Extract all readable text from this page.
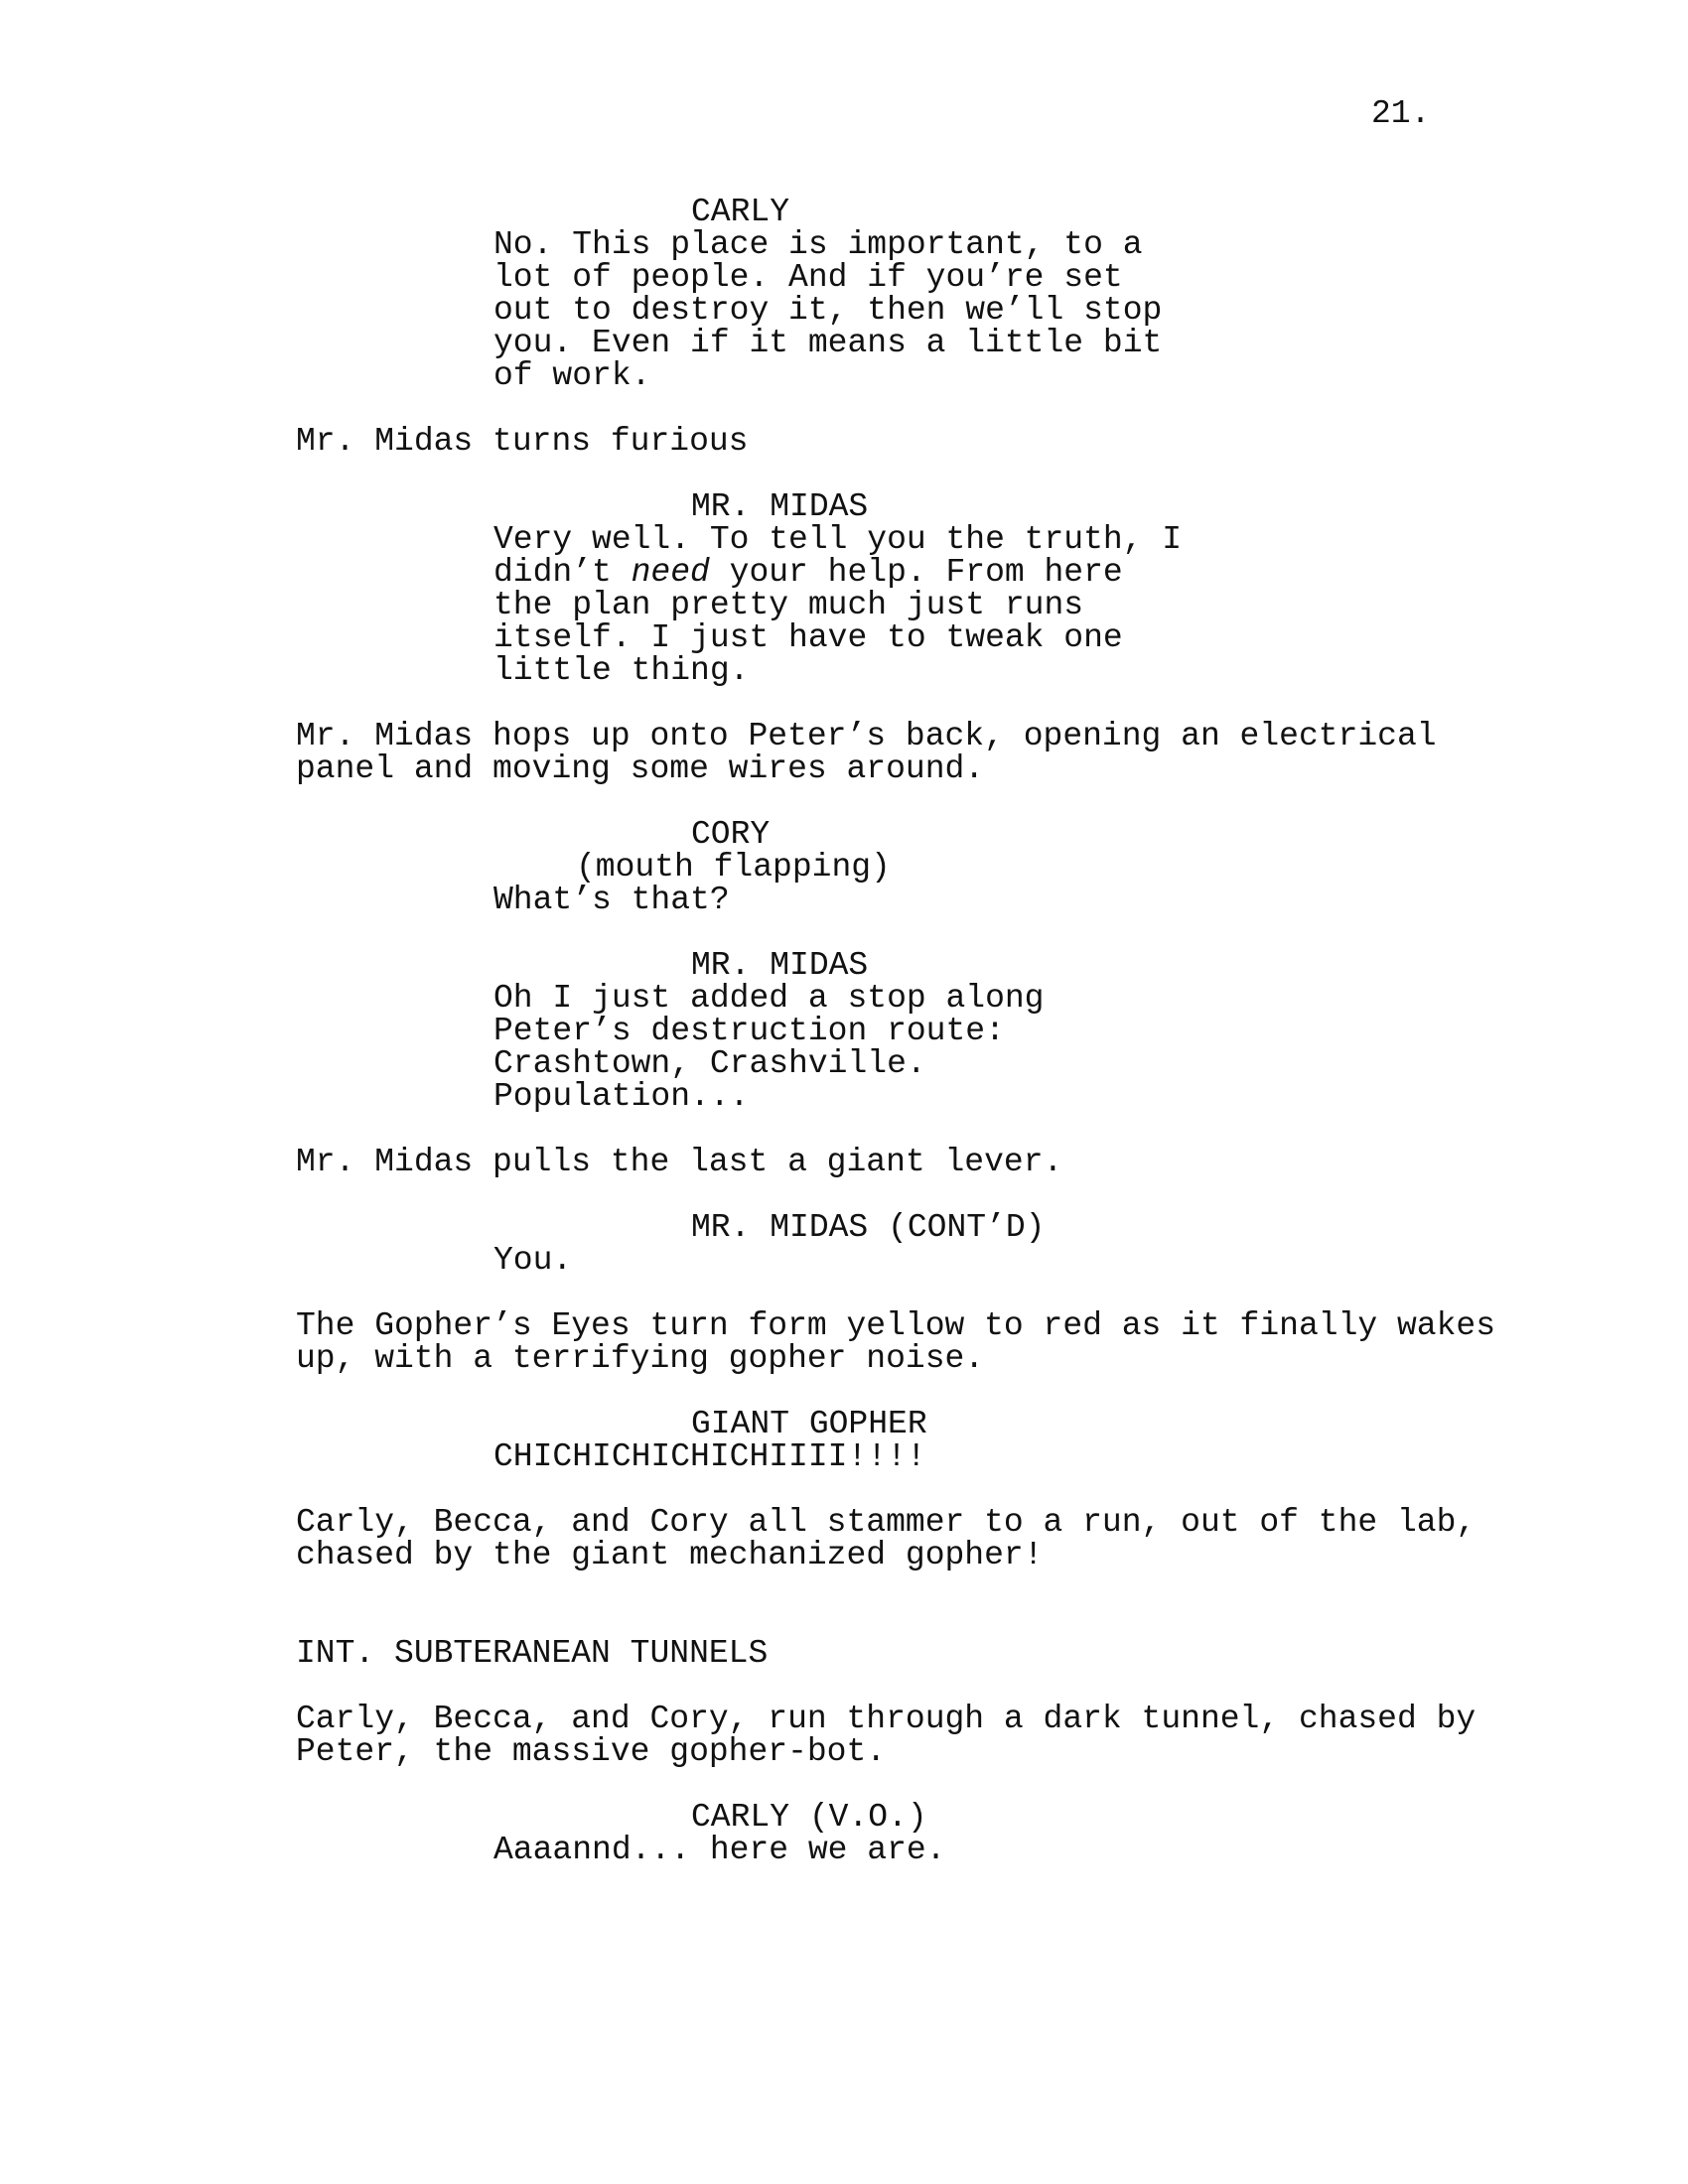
21.
CARLY
No. This place is important, to a
lot of people. And if you’re set
out to destroy it, then we’ll stop
you. Even if it means a little bit
of work.
Mr. Midas turns furious
MR. MIDAS
Very well. To tell you the truth, I
didn’t need your help. From here
the plan pretty much just runs
itself. I just have to tweak one
little thing.
Mr. Midas hops up onto Peter’s back, opening an electrical
panel and moving some wires around.
CORY
(mouth flapping)
What’s that?
MR. MIDAS
Oh I just added a stop along
Peter’s destruction route:
Crashtown, Crashville.
Population...
Mr. Midas pulls the last a giant lever.
MR. MIDAS (CONT’D)
You.
The Gopher’s Eyes turn form yellow to red as it finally wakes
up, with a terrifying gopher noise.
GIANT GOPHER
CHICHICHICHICHIIII!!!!
Carly, Becca, and Cory all stammer to a run, out of the lab,
chased by the giant mechanized gopher!
INT. SUBTERANEAN TUNNELS
Carly, Becca, and Cory, run through a dark tunnel, chased by
Peter, the massive gopher-bot.
CARLY (V.O.)
Aaaannd... here we are.
